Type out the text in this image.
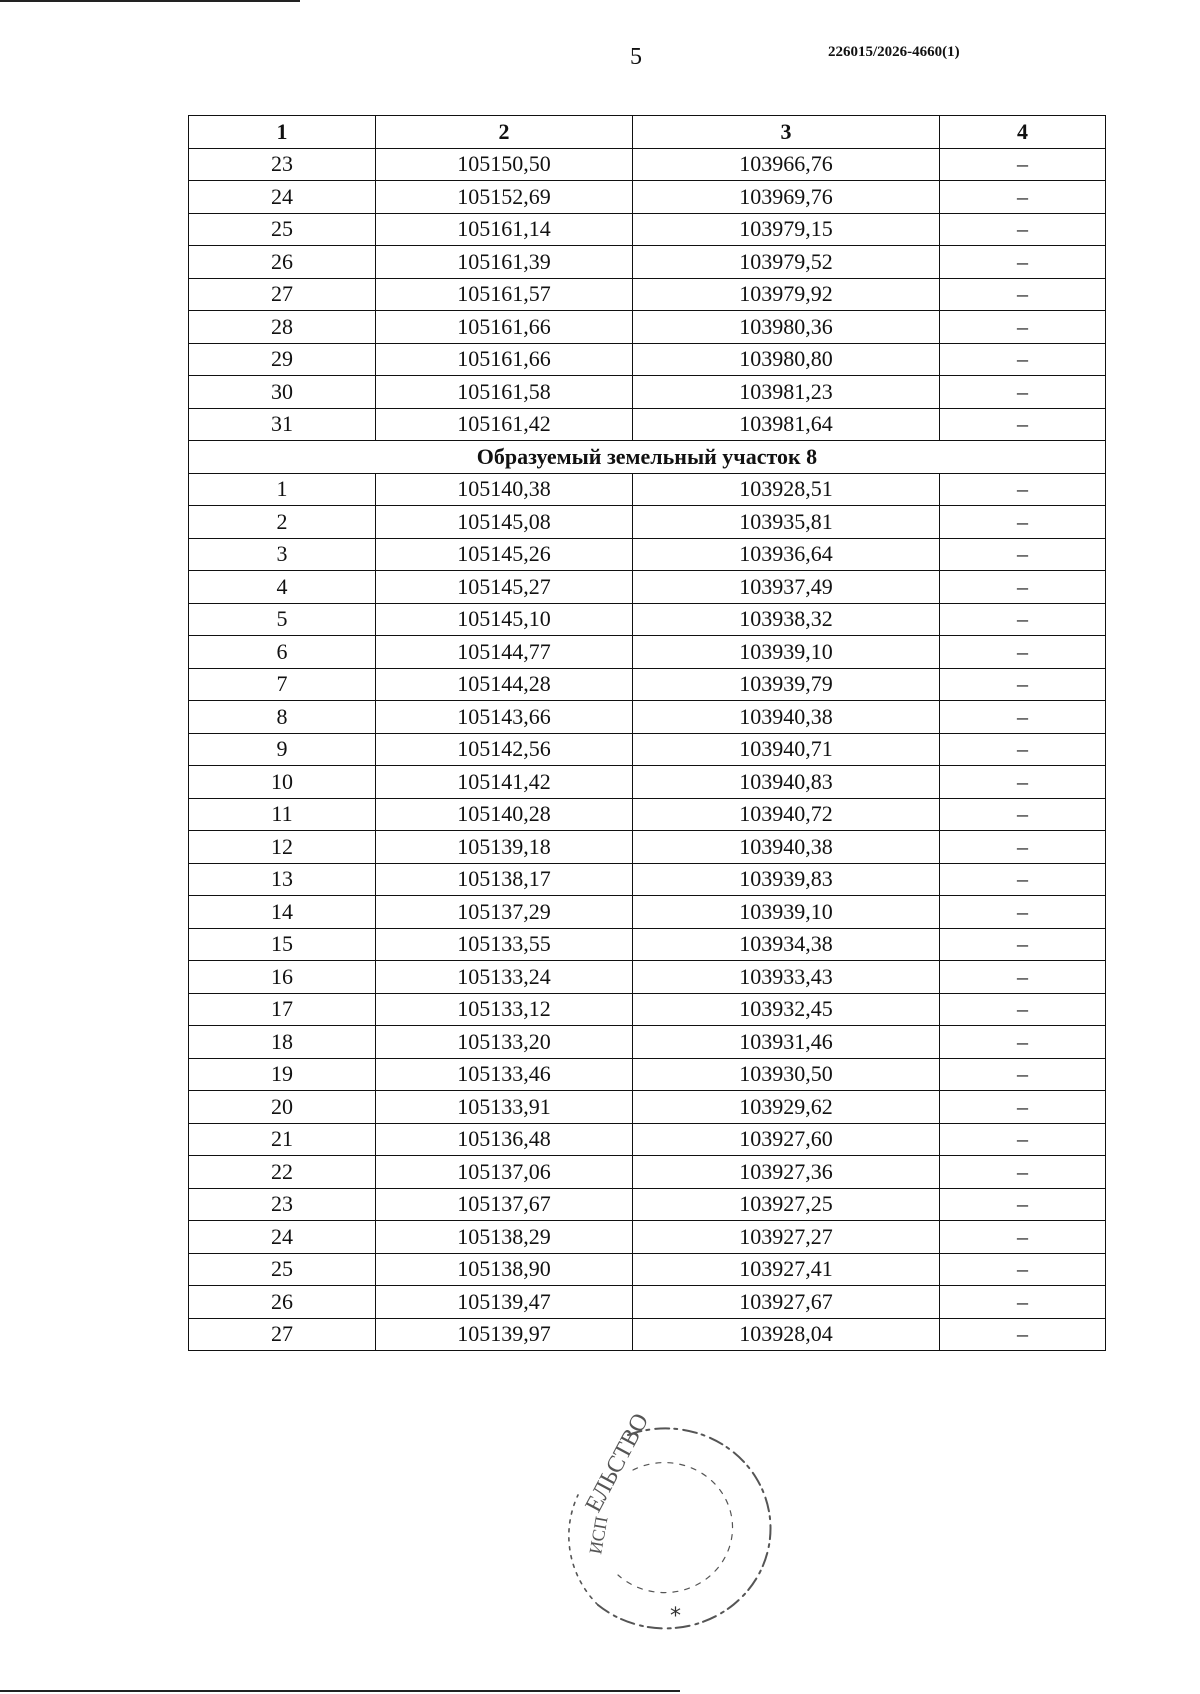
5	226015/2026-4660(1)
1	2	3	4
23	105150,50	103966,76	–
24	105152,69	103969,76	–
25	105161,14	103979,15	–
26	105161,39	103979,52	–
27	105161,57	103979,92	–
28	105161,66	103980,36	–
29	105161,66	103980,80	–
30	105161,58	103981,23	–
31	105161,42	103981,64	–
Образуемый земельный участок 8			
1	105140,38	103928,51	–
2	105145,08	103935,81	–
3	105145,26	103936,64	–
4	105145,27	103937,49	–
5	105145,10	103938,32	–
6	105144,77	103939,10	–
7	105144,28	103939,79	–
8	105143,66	103940,38	–
9	105142,56	103940,71	–
10	105141,42	103940,83	–
11	105140,28	103940,72	–
12	105139,18	103940,38	–
13	105138,17	103939,83	–
14	105137,29	103939,10	–
15	105133,55	103934,38	–
16	105133,24	103933,43	–
17	105133,12	103932,45	–
18	105133,20	103931,46	–
19	105133,46	103930,50	–
20	105133,91	103929,62	–
21	105136,48	103927,60	–
22	105137,06	103927,36	–
23	105137,67	103927,25	–
24	105138,29	103927,27	–
25	105138,90	103927,41	–
26	105139,47	103927,67	–
27	105139,97	103928,04	–
ЕЛЬСТВО
ИСП
*
